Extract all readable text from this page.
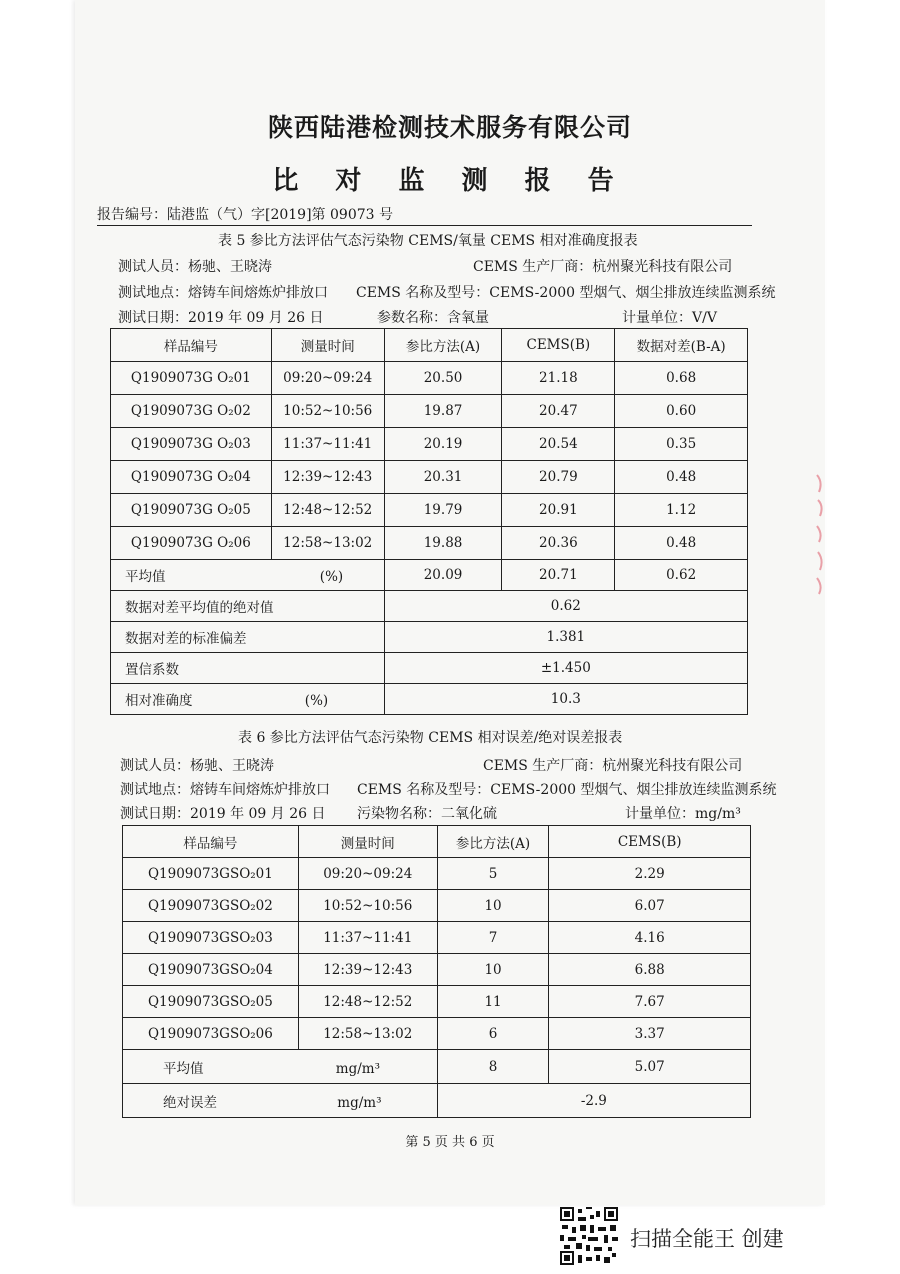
陕西陆港检测技术服务有限公司
比 对 监 测 报 告
报告编号：陆港监（气）字[2019]第 09073 号
表 5 参比方法评估气态污染物 CEMS/氧量 CEMS 相对准确度报表
测试人员：杨驰、王晓涛	CEMS 生产厂商：杭州聚光科技有限公司
测试地点：熔铸车间熔炼炉排放口 CEMS 名称及型号：CEMS-2000 型烟气、烟尘排放连续监测系统
测试日期：2019 年 09 月 26 日	参数名称：含氧量	计量单位：V/V
样品编号	测量时间	参比方法(A)	CEMS(B)	数据对差(B-A)
Q1909073G O₂01	09:20~09:24	20.50	21.18	0.68
Q1909073G O₂02	10:52~10:56	19.87	20.47	0.60
Q1909073G O₂03	11:37~11:41	20.19	20.54	0.35
Q1909073G O₂04	12:39~12:43	20.31	20.79	0.48
Q1909073G O₂05	12:48~12:52	19.79	20.91	1.12
Q1909073G O₂06	12:58~13:02	19.88	20.36	0.48
平均值 (%)		20.09	20.71	0.62
数据对差平均值的绝对值		0.62		
数据对差的标准偏差		1.381		
置信系数		±1.450		
相对准确度 (%)		10.3		
表 6 参比方法评估气态污染物 CEMS 相对误差/绝对误差报表
测试人员：杨驰、王晓涛	CEMS 生产厂商：杭州聚光科技有限公司
测试地点：熔铸车间熔炼炉排放口 CEMS 名称及型号：CEMS-2000 型烟气、烟尘排放连续监测系统
测试日期：2019 年 09 月 26 日 污染物名称：二氧化硫	计量单位：mg/m³
样品编号	测量时间	参比方法(A)	CEMS(B)
Q1909073GSO₂01	09:20~09:24	5	2.29
Q1909073GSO₂02	10:52~10:56	10	6.07
Q1909073GSO₂03	11:37~11:41	7	4.16
Q1909073GSO₂04	12:39~12:43	10	6.88
Q1909073GSO₂05	12:48~12:52	11	7.67
Q1909073GSO₂06	12:58~13:02	6	3.37
平均值 mg/m³		8	5.07
绝对误差 mg/m³		-2.9	
第 5 页 共 6 页
扫描全能王 创建
